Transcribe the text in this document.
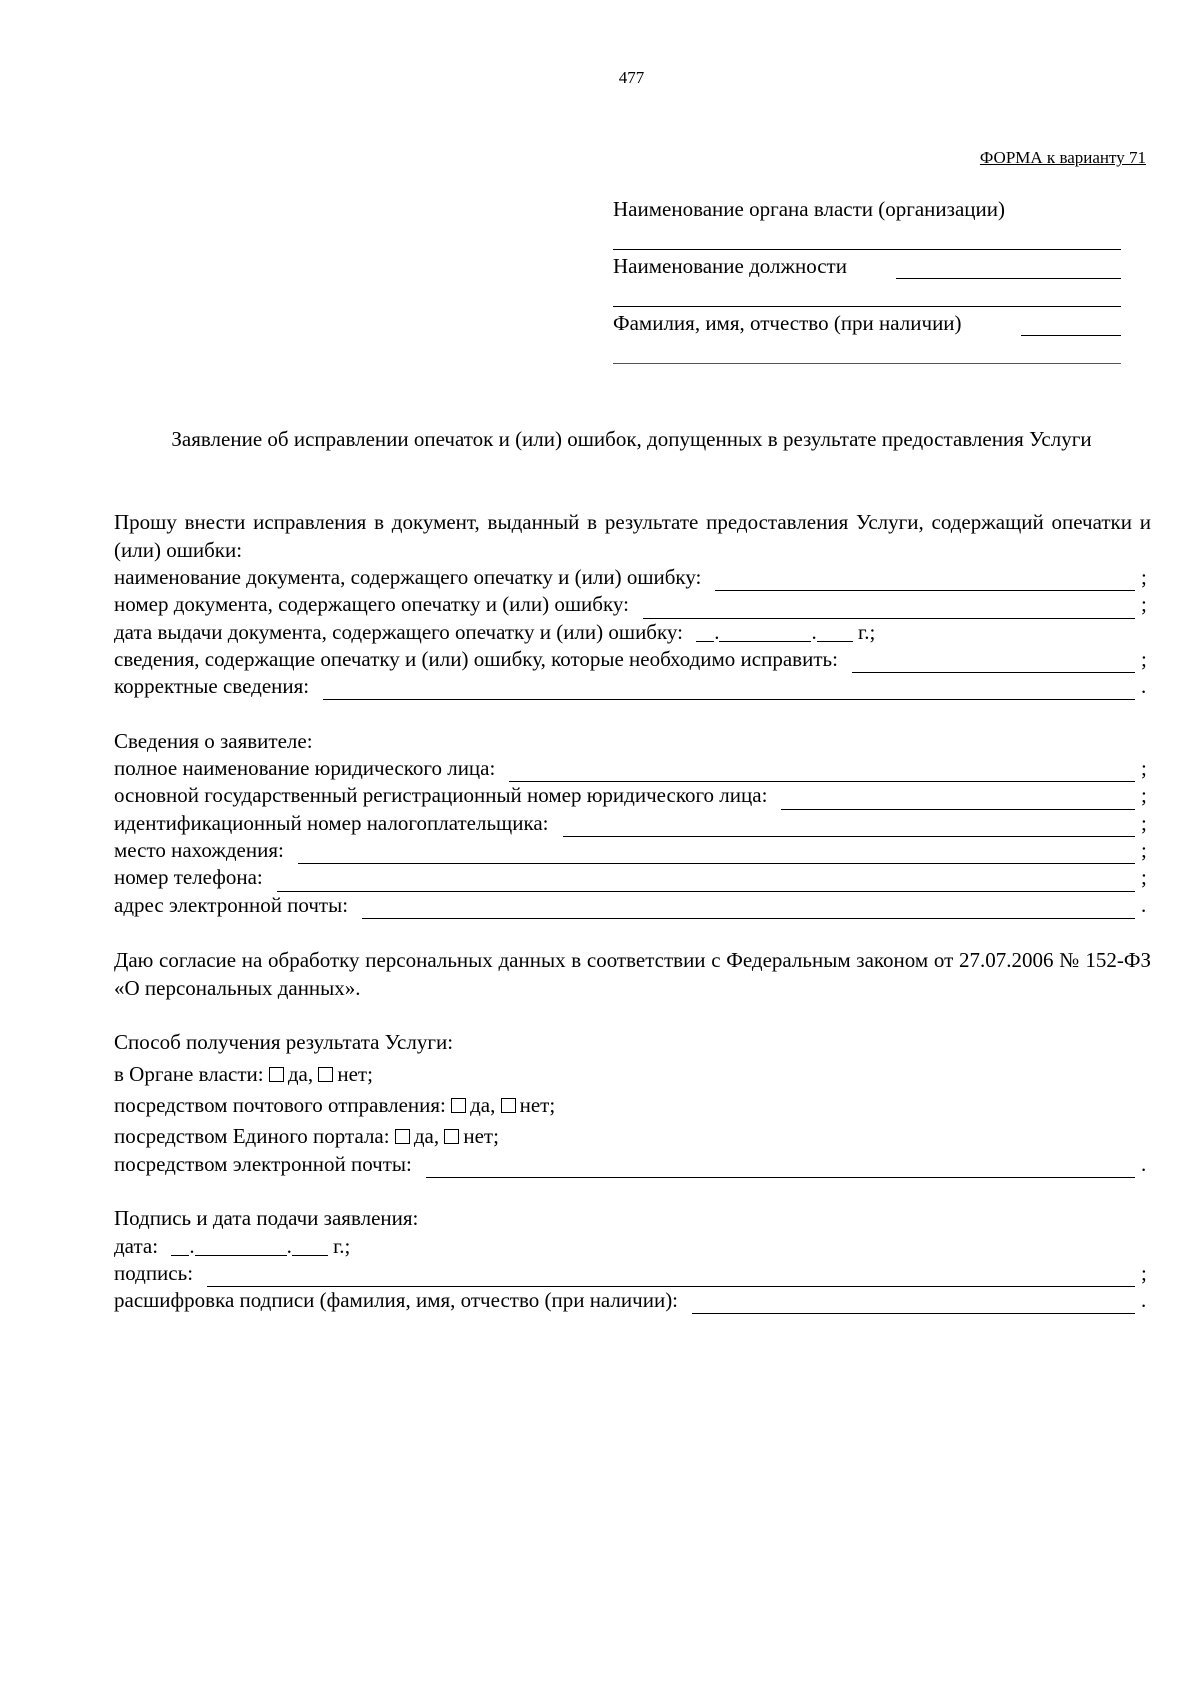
477
ФОРМА к варианту 71
Наименование органа власти (организации)
Наименование должности
Фамилия, имя, отчество (при наличии)
Заявление об исправлении опечаток и (или) ошибок, допущенных в результате предоставления Услуги
Прошу внести исправления в документ, выданный в результате предоставления Услуги, содержащий опечатки и (или) ошибки:
наименование документа, содержащего опечатку и (или) ошибку:	;
номер документа, содержащего опечатку и (или) ошибку:	;
дата выдачи документа, содержащего опечатку и (или) ошибку: .	. г.;
сведения, содержащие опечатку и (или) ошибку, которые необходимо исправить:	;
корректные сведения:	.
Сведения о заявителе:
полное наименование юридического лица:	;
основной государственный регистрационный номер юридического лица:	;
идентификационный номер налогоплательщика:	;
место нахождения:	;
номер телефона:	;
адрес электронной почты:	.
Даю согласие на обработку персональных данных в соответствии с Федеральным законом от 27.07.2006 № 152-ФЗ «О персональных данных».
Способ получения результата Услуги:
в Органе власти: да, нет;
посредством почтового отправления: да, нет;
посредством Единого портала: да, нет;
посредством электронной почты:	.
Подпись и дата подачи заявления:
дата: .	. г.;
подпись:	;
расшифровка подписи (фамилия, имя, отчество (при наличии):	.
